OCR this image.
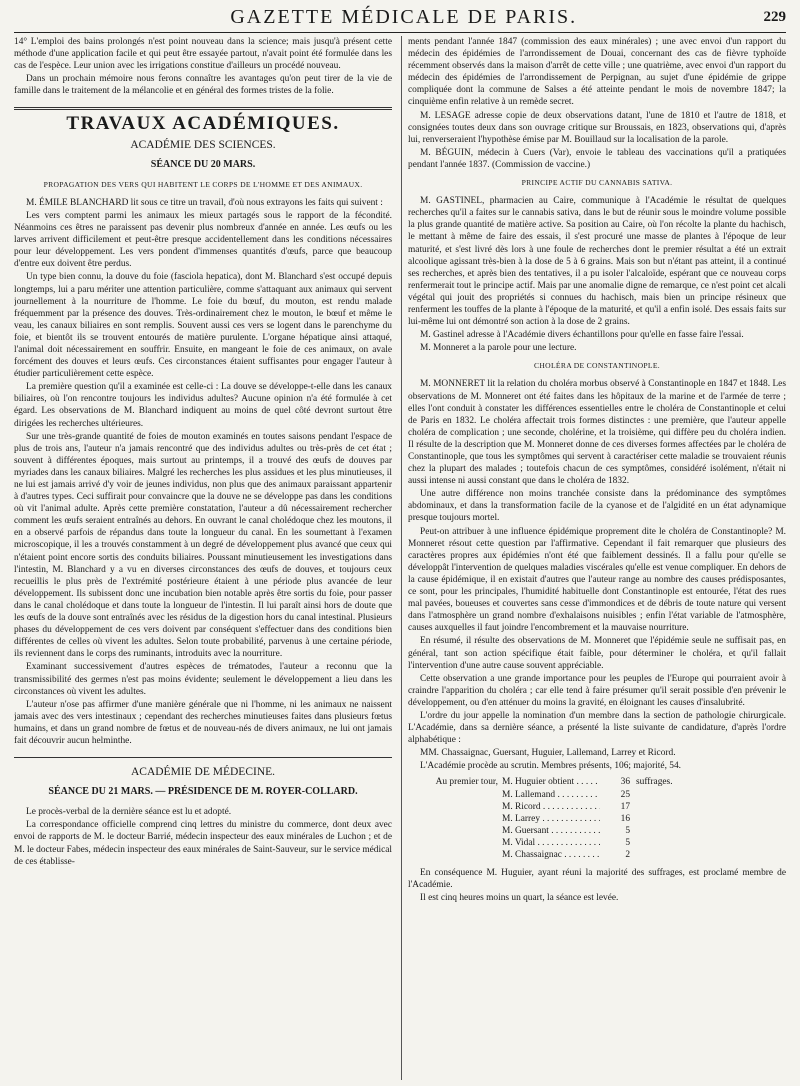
GAZETTE MÉDICALE DE PARIS.	229

14° L'emploi des bains prolongés n'est point nouveau dans la science; mais jusqu'à présent cette méthode d'une application facile et qui peut être essayée partout, n'avait point été formulée dans les cas de l'espèce. Leur union avec les irrigations constitue d'ailleurs un procédé nouveau.

Dans un prochain mémoire nous ferons connaître les avantages qu'on peut tirer de la vie de famille dans le traitement de la mélancolie et en général des formes tristes de la folie.

TRAVAUX ACADÉMIQUES.
ACADÉMIE DES SCIENCES.
SÉANCE DU 20 MARS.
PROPAGATION DES VERS QUI HABITENT LE CORPS DE L'HOMME ET DES ANIMAUX.

M. ÉMILE BLANCHARD lit sous ce titre un travail, d'où nous extrayons les faits qui suivent :

Les vers comptent parmi les animaux les mieux partagés sous le rapport de la fécondité. Néanmoins ces êtres ne paraissent pas devenir plus nombreux d'année en année. Les œufs ou les larves arrivent difficilement et peut-être presque accidentellement dans les conditions nécessaires pour leur développement. Les vers pondent d'immenses quantités d'œufs, parce que beaucoup d'entre eux doivent être perdus.

Un type bien connu, la douve du foie (fasciola hepatica), dont M. Blanchard s'est occupé depuis longtemps, lui a paru mériter une attention particulière, comme s'attaquant aux animaux qui servent journellement à la nourriture de l'homme. Le foie du bœuf, du mouton, est rendu malade fréquemment par la présence des douves. Très-ordinairement chez le mouton, le bœuf et même le veau, les canaux biliaires en sont remplis. Souvent aussi ces vers se logent dans le parenchyme du foie, et bientôt ils se trouvent entourés de matière purulente. L'organe hépatique ainsi attaqué, l'animal doit nécessairement en souffrir. Ensuite, en mangeant le foie de ces animaux, on avale forcément des douves et leurs œufs. Ces circonstances étaient suffisantes pour engager l'auteur à étudier particulièrement cette espèce.

La première question qu'il a examinée est celle-ci : La douve se développe-t-elle dans les canaux biliaires, où l'on rencontre toujours les individus adultes? Aucune opinion n'a été formulée à cet égard. Les observations de M. Blanchard indiquent au moins de quel côté devront surtout être dirigées les recherches ultérieures.

Sur une très-grande quantité de foies de mouton examinés en toutes saisons pendant l'espace de plus de trois ans, l'auteur n'a jamais rencontré que des individus adultes ou très-près de cet état ; souvent à différentes époques, mais surtout au printemps, il a trouvé des œufs de douves par myriades dans les canaux biliaires. Malgré les recherches les plus assidues et les plus minutieuses, il ne lui est jamais arrivé d'y voir de jeunes individus, non plus que des animaux paraissant appartenir à d'autres types. Ceci suffirait pour convaincre que la douve ne se développe pas dans les conditions où vit l'animal adulte. Après cette première constatation, l'auteur a dû nécessairement rechercher comment les œufs seraient entraînés au dehors. En ouvrant le canal cholédoque chez les moutons, il en a observé parfois de répandus dans toute la longueur du canal. En les soumettant à l'examen microscopique, il les a trouvés constamment à un degré de développement plus avancé que ceux qui n'étaient point encore sortis des conduits biliaires. Poussant minutieusement les investigations dans l'intestin, M. Blanchard y a vu en diverses circonstances des œufs de douves, et toujours ceux recueillis le plus près de l'extrémité postérieure étaient à une période plus avancée de leur développement. Ils subissent donc une incubation bien notable après être sortis du foie, pour passer dans le canal cholédoque et dans toute la longueur de l'intestin. Il lui paraît ainsi hors de doute que les œufs de la douve sont entraînés avec les résidus de la digestion hors du canal intestinal. Plusieurs phases du développement de ces vers doivent par conséquent s'effectuer dans des conditions bien différentes de celles où vivent les adultes. Selon toute probabilité, parvenus à une certaine période, ils reviennent dans le corps des ruminants, introduits avec la nourriture.

Examinant successivement d'autres espèces de trématodes, l'auteur a reconnu que la transmissibilité des germes n'est pas moins évidente; seulement le développement a lieu dans les circonstances où vivent les adultes.

L'auteur n'ose pas affirmer d'une manière générale que ni l'homme, ni les animaux ne naissent jamais avec des vers intestinaux ; cependant des recherches minutieuses faites dans plusieurs fœtus humains, et dans un grand nombre de fœtus et de nouveau-nés de divers animaux, ne lui ont jamais fait découvrir aucun helminthe.

ACADÉMIE DE MÉDECINE.
SÉANCE DU 21 MARS. — PRÉSIDENCE DE M. ROYER-COLLARD.

Le procès-verbal de la dernière séance est lu et adopté.

La correspondance officielle comprend cinq lettres du ministre du commerce, dont deux avec envoi de rapports de M. le docteur Barrié, médecin inspecteur des eaux minérales de Luchon ; et de M. le docteur Fabes, médecin inspecteur des eaux minérales de Saint-Sauveur, sur le service médical de ces établisse-

ments pendant l'année 1847 (commission des eaux minérales) ; une avec envoi d'un rapport du médecin des épidémies de l'arrondissement de Douai, concernant des cas de fièvre typhoïde récemment observés dans la maison d'arrêt de cette ville ; une quatrième, avec envoi d'un rapport du médecin des épidémies de l'arrondissement de Perpignan, au sujet d'une épidémie de grippe compliquée dont la commune de Salses a été atteinte pendant le mois de novembre 1847; la cinquième enfin relative à un remède secret.

M. LESAGE adresse copie de deux observations datant, l'une de 1810 et l'autre de 1818, et consignées toutes deux dans son ouvrage critique sur Broussais, en 1823, observations qui, d'après lui, renverseraient l'hypothèse émise par M. Bouillaud sur la localisation de la parole.

M. BÉGUIN, médecin à Cuers (Var), envoie le tableau des vaccinations qu'il a pratiquées pendant l'année 1837. (Commission de vaccine.)

PRINCIPE ACTIF DU CANNABIS SATIVA.

M. GASTINEL, pharmacien au Caire, communique à l'Académie le résultat de quelques recherches qu'il a faites sur le cannabis sativa, dans le but de réunir sous le moindre volume possible la plus grande quantité de matière active. Sa position au Caire, où l'on récolte la plante du hachisch, le mettant à même de faire des essais, il s'est procuré une masse de plantes à l'époque de leur maturité, et s'est livré dès lors à une foule de recherches dont le premier résultat a été un extrait alcoolique agissant très-bien à la dose de 5 à 6 grains. Mais son but n'étant pas atteint, il a continué ses recherches, et après bien des tentatives, il a pu isoler l'alcaloïde, espérant que ce nouveau corps renfermerait tout le principe actif. Mais par une anomalie digne de remarque, ce n'est point cet alcali végétal qui jouit des propriétés si connues du hachisch, mais bien un principe résineux que renferment les touffes de la plante à l'époque de la maturité, et qu'il a enfin isolé. Des essais faits sur lui-même lui ont démontré son action à la dose de 2 grains.

M. Gastinel adresse à l'Académie divers échantillons pour qu'elle en fasse faire l'essai.

M. Monneret a la parole pour une lecture.

CHOLÉRA DE CONSTANTINOPLE.

M. MONNERET lit la relation du choléra morbus observé à Constantinople en 1847 et 1848. Les observations de M. Monneret ont été faites dans les hôpitaux de la marine et de l'armée de terre ; elles l'ont conduit à constater les différences essentielles entre le choléra de Constantinople et celui de Paris en 1832. Le choléra affectait trois formes distinctes : une première, que l'auteur appelle choléra de complication ; une seconde, cholérine, et la troisième, qui diffère peu du choléra indien. Il résulte de la description que M. Monneret donne de ces diverses formes affectées par le choléra de Constantinople, que tous les symptômes qui servent à caractériser cette maladie se trouvaient réunis chez la plupart des malades ; toutefois chacun de ces symptômes, considéré isolément, n'était ni aussi intense ni aussi constant que dans le choléra de 1832.

Une autre différence non moins tranchée consiste dans la prédominance des symptômes abdominaux, et dans la transformation facile de la cyanose et de l'algidité en un état adynamique presque toujours mortel.

Peut-on attribuer à une influence épidémique proprement dite le choléra de Constantinople? M. Monneret résout cette question par l'affirmative. Cependant il fait remarquer que plusieurs des caractères propres aux épidémies n'ont été que faiblement dessinés. Il a fallu pour qu'elle se développât l'intervention de quelques maladies viscérales qu'elle est venue compliquer. En dehors de la cause épidémique, il en existait d'autres que l'auteur range au nombre des causes prédisposantes, ce sont, pour les principales, l'humidité habituelle dont Constantinople est entourée, l'état des rues mal pavées, boueuses et couvertes sans cesse d'immondices et de débris de toute nature qui versent dans l'atmosphère un grand nombre d'exhalaisons nuisibles ; enfin l'état variable de l'atmosphère, causes auxquelles il faut joindre l'encombrement et la mauvaise nourriture.

En résumé, il résulte des observations de M. Monneret que l'épidémie seule ne suffisait pas, en général, tant son action spécifique était faible, pour déterminer le choléra, et qu'il fallait l'intervention d'une autre cause souvent appréciable.

Cette observation a une grande importance pour les peuples de l'Europe qui pourraient avoir à craindre l'apparition du choléra ; car elle tend à faire présumer qu'il serait possible d'en prévenir le développement, ou d'en atténuer du moins la gravité, en éloignant les causes d'insalubrité.

L'ordre du jour appelle la nomination d'un membre dans la section de pathologie chirurgicale. L'Académie, dans sa dernière séance, a présenté la liste suivante de candidature, d'après l'ordre alphabétique :

MM. Chassaignac, Guersant, Huguier, Lallemand, Larrey et Ricord.

L'Académie procède au scrutin. Membres présents, 106; majorité, 54.

Au premier tour, M. Huguier obtient . . .	36 suffrages.
M. Lallemand . . .	25
M. Ricord . . .	17
M. Larrey . . .	16
M. Guersant . . .	5
M. Vidal . . .	5
M. Chassaignac . . .	2

En conséquence M. Huguier, ayant réuni la majorité des suffrages, est proclamé membre de l'Académie.

Il est cinq heures moins un quart, la séance est levée.
